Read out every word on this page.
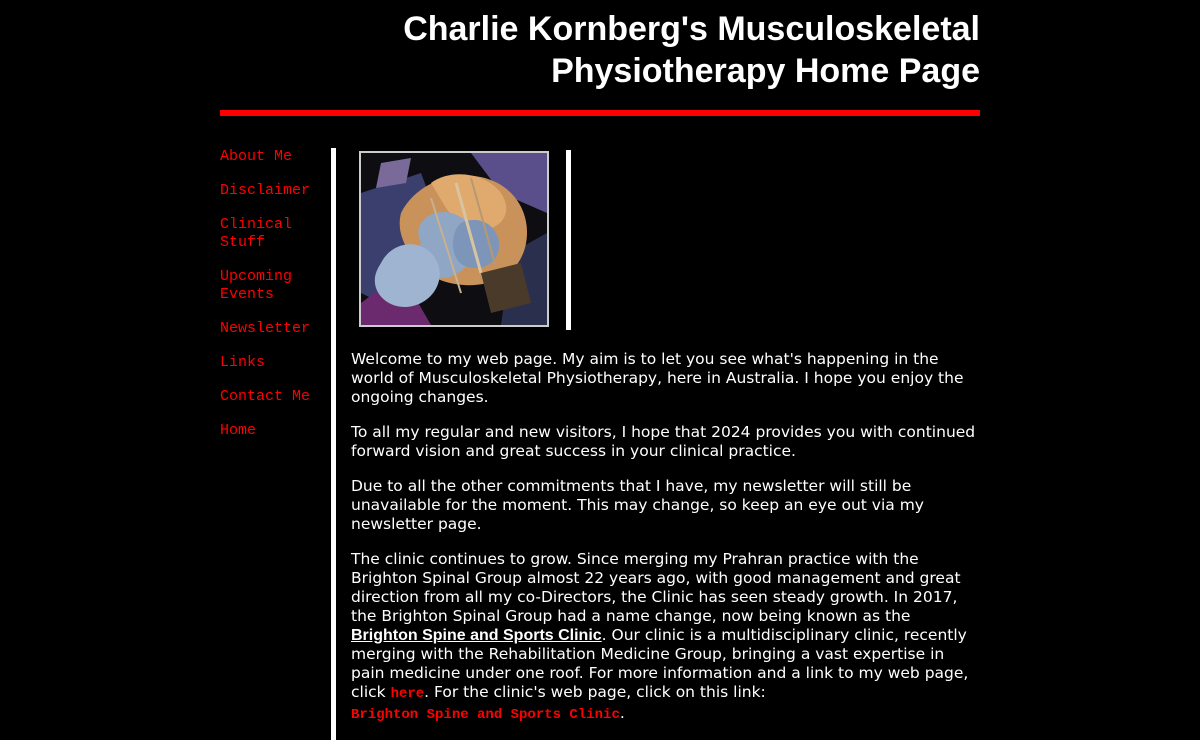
Charlie Kornberg's Musculoskeletal
Physiotherapy Home Page
About Me
Disclaimer
Clinical
Stuff
Upcoming
Events
Newsletter
Links
Contact Me
Home

Welcome to my web page. My aim is to let you see what's happening in the world of Musculoskeletal Physiotherapy, here in Australia. I hope you enjoy the ongoing changes.

To all my regular and new visitors, I hope that 2024 provides you with continued forward vision and great success in your clinical practice.

Due to all the other commitments that I have, my newsletter will still be unavailable for the moment. This may change, so keep an eye out via my newsletter page.

The clinic continues to grow. Since merging my Prahran practice with the Brighton Spinal Group almost 22 years ago, with good management and great direction from all my co-Directors, the Clinic has seen steady growth. In 2017, the Brighton Spinal Group had a name change, now being known as the Brighton Spine and Sports Clinic. Our clinic is a multidisciplinary clinic, recently merging with the Rehabilitation Medicine Group, bringing a vast expertise in pain medicine under one roof. For more information and a link to my web page, click here. For the clinic's web page, click on this link:
Brighton Spine and Sports Clinic.
